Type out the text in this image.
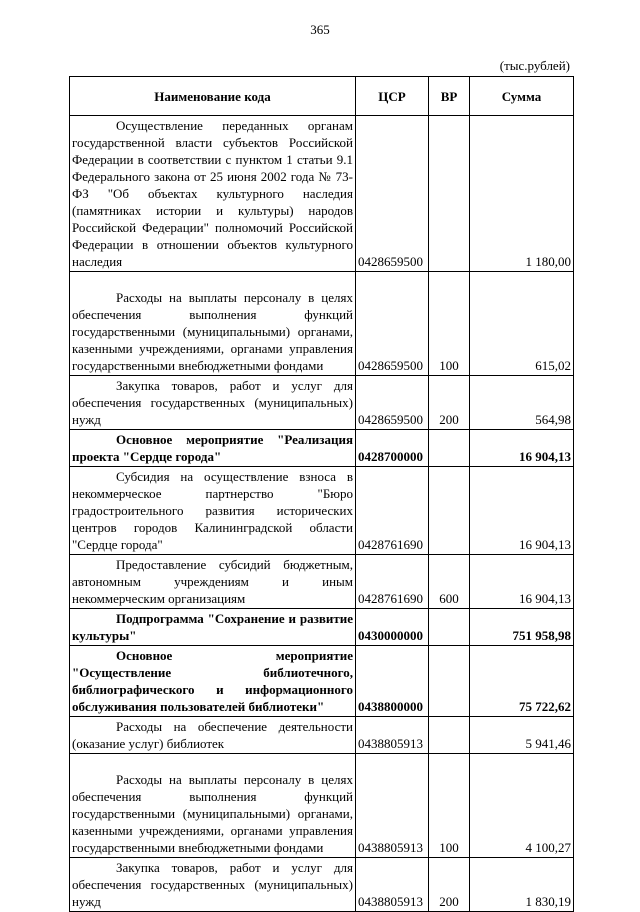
365
(тыс.рублей)
Наименование кода	ЦСР	ВР	Сумма
Осуществление переданных органам государственной власти субъектов Российской Федерации в соответствии с пунктом 1 статьи 9.1 Федерального закона от 25 июня 2002 года № 73-ФЗ "Об объектах культурного наследия (памятниках истории и культуры) народов Российской Федерации" полномочий Российской Федерации в отношении объектов культурного наследия	0428659500		1 180,00
Расходы на выплаты персоналу в целях обеспечения выполнения функций государственными (муниципальными) органами, казенными учреждениями, органами управления государственными внебюджетными фондами	0428659500	100	615,02
Закупка товаров, работ и услуг для обеспечения государственных (муниципальных) нужд	0428659500	200	564,98
Основное мероприятие "Реализация проекта "Сердце города"	0428700000		16 904,13
Субсидия на осуществление взноса в некоммерческое партнерство "Бюро градостроительного развития исторических центров городов Калининградской области "Сердце города"	0428761690		16 904,13
Предоставление субсидий бюджетным, автономным учреждениям и иным некоммерческим организациям	0428761690	600	16 904,13
Подпрограмма "Сохранение и развитие культуры"	0430000000		751 958,98
Основное мероприятие "Осуществление библиотечного, библиографического и информационного обслуживания пользователей библиотеки"	0438800000		75 722,62
Расходы на обеспечение деятельности (оказание услуг) библиотек	0438805913		5 941,46
Расходы на выплаты персоналу в целях обеспечения выполнения функций государственными (муниципальными) органами, казенными учреждениями, органами управления государственными внебюджетными фондами	0438805913	100	4 100,27
Закупка товаров, работ и услуг для обеспечения государственных (муниципальных) нужд	0438805913	200	1 830,19
